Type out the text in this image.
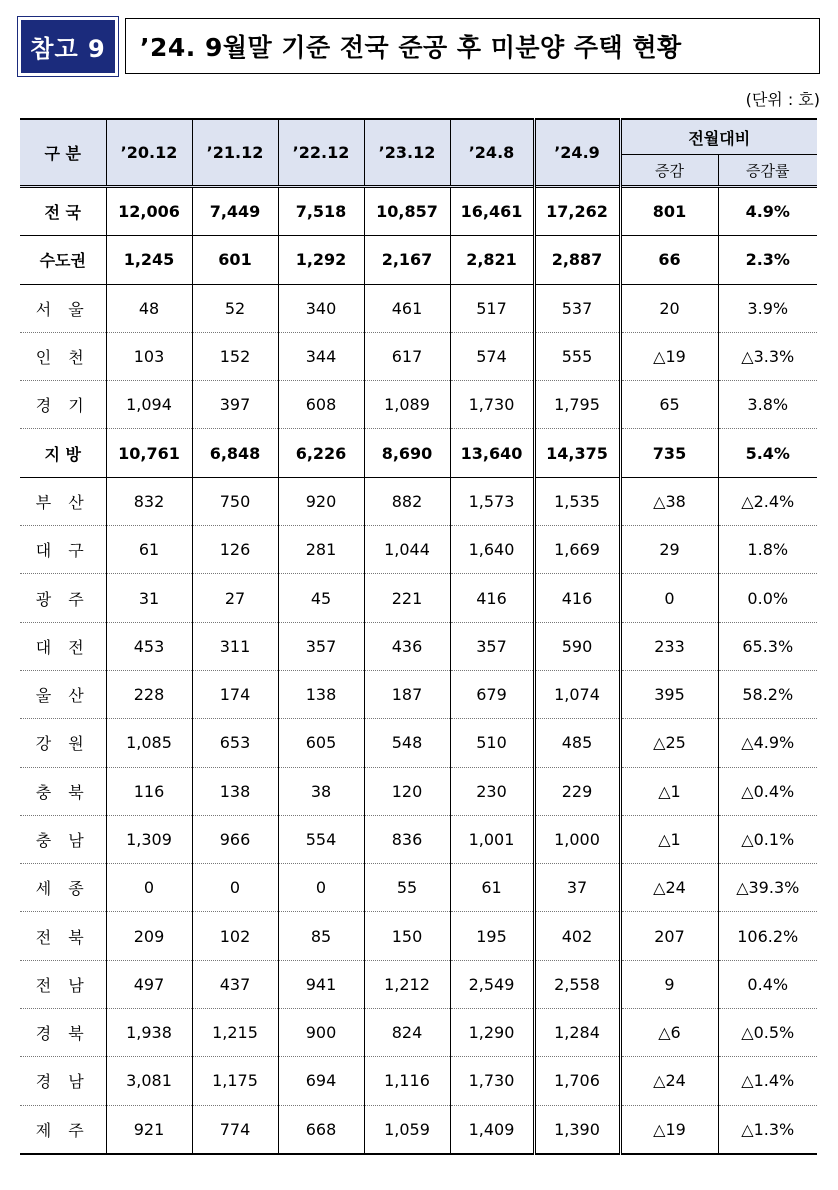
참고 9	’24. 9월말 기준 전국 준공 후 미분양 주택 현황
(단위 : 호)
구 분	’20.12	’21.12	’22.12	’23.12	’24.8	’24.9	전월대비	
							증감	증감률
전 국	12,006	7,449	7,518	10,857	16,461	17,262	801	4.9%
수도권	1,245	601	1,292	2,167	2,821	2,887	66	2.3%
서 울	48	52	340	461	517	537	20	3.9%
인 천	103	152	344	617	574	555	△19	△3.3%
경 기	1,094	397	608	1,089	1,730	1,795	65	3.8%
지 방	10,761	6,848	6,226	8,690	13,640	14,375	735	5.4%
부 산	832	750	920	882	1,573	1,535	△38	△2.4%
대 구	61	126	281	1,044	1,640	1,669	29	1.8%
광 주	31	27	45	221	416	416	0	0.0%
대 전	453	311	357	436	357	590	233	65.3%
울 산	228	174	138	187	679	1,074	395	58.2%
강 원	1,085	653	605	548	510	485	△25	△4.9%
충 북	116	138	38	120	230	229	△1	△0.4%
충 남	1,309	966	554	836	1,001	1,000	△1	△0.1%
세 종	0	0	0	55	61	37	△24	△39.3%
전 북	209	102	85	150	195	402	207	106.2%
전 남	497	437	941	1,212	2,549	2,558	9	0.4%
경 북	1,938	1,215	900	824	1,290	1,284	△6	△0.5%
경 남	3,081	1,175	694	1,116	1,730	1,706	△24	△1.4%
제 주	921	774	668	1,059	1,409	1,390	△19	△1.3%
